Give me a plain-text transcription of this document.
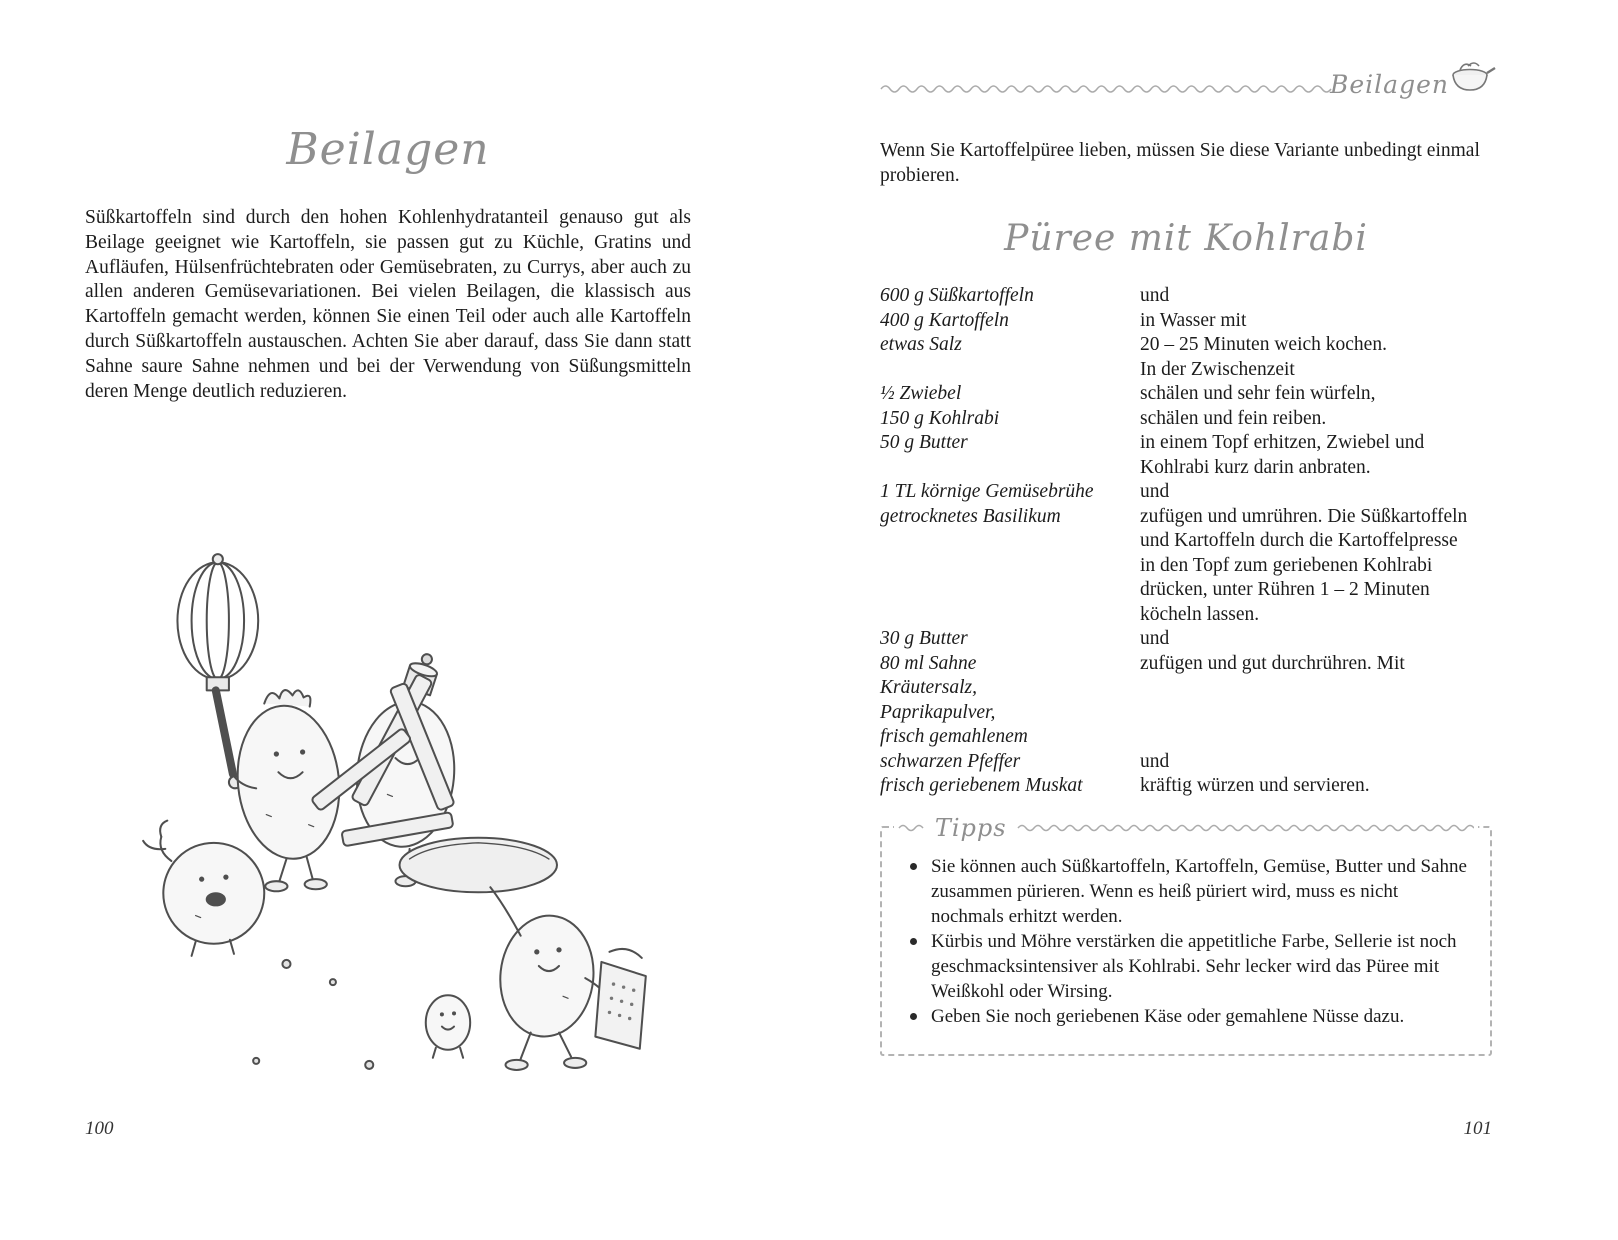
Beilagen

Süßkartoffeln sind durch den hohen Kohlenhydratanteil genauso gut als Beilage geeignet wie Kartoffeln, sie passen gut zu Küchle, Gratins und Aufläufen, Hülsenfrüchtebraten oder Gemüsebraten, zu Currys, aber auch zu allen anderen Gemüsevariationen. Bei vielen Beilagen, die klassisch aus Kartoffeln gemacht werden, können Sie einen Teil oder auch alle Kartoffeln durch Süßkartoffeln austauschen. Achten Sie aber darauf, dass Sie dann statt Sahne saure Sahne nehmen und bei der Verwendung von Süßungsmitteln deren Menge deutlich reduzieren.

100
Beilagen

Wenn Sie Kartoffelpüree lieben, müssen Sie diese Variante unbedingt einmal probieren.

Püree mit Kohlrabi
600 g Süßkartoffeln	und
400 g Kartoffeln	in Wasser mit
etwas Salz	20 – 25 Minuten weich kochen.
In der Zwischenzeit
½ Zwiebel	schälen und sehr fein würfeln,
150 g Kohlrabi	schälen und fein reiben.
50 g Butter	in einem Topf erhitzen, Zwiebel und
Kohlrabi kurz darin anbraten.
1 TL körnige Gemüsebrühe	und
getrocknetes Basilikum	zufügen und umrühren. Die Süßkartoffeln
und Kartoffeln durch die Kartoffelpresse
in den Topf zum geriebenen Kohlrabi
drücken, unter Rühren 1 – 2 Minuten
köcheln lassen.
30 g Butter	und
80 ml Sahne	zufügen und gut durchrühren. Mit
Kräutersalz,
Paprikapulver,
frisch gemahlenem
schwarzen Pfeffer	und
frisch geriebenem Muskat	kräftig würzen und servieren.
Tipps
Sie können auch Süßkartoffeln, Kartoffeln, Gemüse, Butter und Sahne zusammen pürieren. Wenn es heiß püriert wird, muss es nicht nochmals erhitzt werden.
Kürbis und Möhre verstärken die appetitliche Farbe, Sellerie ist noch geschmacksintensiver als Kohlrabi. Sehr lecker wird das Püree mit Weißkohl oder Wirsing.
Geben Sie noch geriebenen Käse oder gemahlene Nüsse dazu.
101
